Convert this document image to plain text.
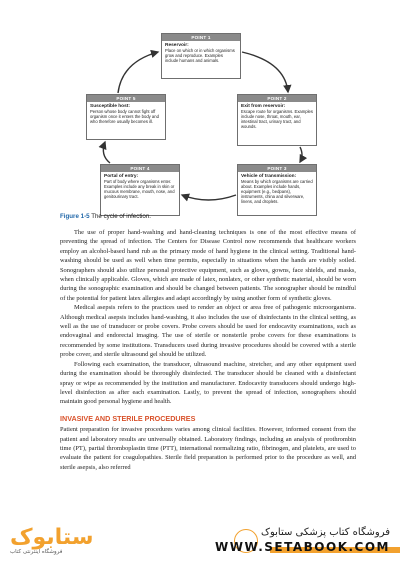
POINT 1
Reservoir:
Place on which or in which organisms grow and reproduce. Examples include humans and animals.
POINT 2
Exit from reservoir:
Escape route for organisms. Examples include nose, throat, mouth, ear, intestinal tract, urinary tract, and wounds.
POINT 3
Vehicle of transmission:
Means by which organisms are carried about. Examples include hands, equipment (e.g., bedpans), instruments, china and silverware, linens, and droplets.
POINT 4
Portal of entry:
Part of body where organisms enter. Examples include any break in skin or mucous membrane, mouth, nose, and genitourinary tract.
POINT 5
Susceptible host:
Person whose body cannot fight off organism once it enters the body and who therefore usually becomes ill.
Figure 1-5 The cycle of infection.

The use of proper hand-washing and hand-cleaning techniques is one of the most effective means of preventing the spread of infection. The Centers for Disease Control now recommends that healthcare workers employ an alcohol-based hand rub as the primary mode of hand hygiene in the clinical setting. Traditional hand-washing should be used as well when time permits, especially in situations when the hands are visibly soiled. Sonographers should also utilize personal protective equipment, such as gloves, gowns, face shields, and masks, when clinically applicable. Gloves, which are made of latex, nonlatex, or other synthetic material, should be worn during the sonographic examination and should be changed between patients. The sonographer should be mindful of the potential for patient latex allergies and adapt accordingly by using another form of synthetic gloves.

Medical asepsis refers to the practices used to render an object or area free of pathogenic microorganisms. Although medical asepsis includes hand-washing, it also includes the use of disinfectants in the clinical setting, as well as the use of transducer or probe covers. Probe covers should be used for endocavity examinations, such as endovaginal and endorectal imaging. The use of sterile or nonsterile probe covers for these examinations is recommended by some institutions. Transducers used during invasive procedures should be covered with a sterile probe cover, and sterile ultrasound gel should be utilized.

Following each examination, the transducer, ultrasound machine, stretcher, and any other equipment used during the examination should be thoroughly disinfected. The transducer should be cleaned with a disinfectant spray or wipe as recommended by the institution and manufacturer. Endocavity transducers should undergo high-level disinfection as after each examination. Lastly, to prevent the spread of infection, sonographers should maintain good personal hygiene and health.

INVASIVE AND STERILE PROCEDURES

Patient preparation for invasive procedures varies among clinical facilities. However, informed consent from the patient and laboratory results are universally obtained. Laboratory findings, including an analysis of prothrombin time (PT), partial thromboplastin time (PTT), international normalizing ratio, fibrinogen, and platelets, are used to evaluate the patient for coagulopathies. Sterile field preparation is performed prior to the procedure as well, and sterile asepsis, also referred

ستابوک
فروشگاه اینترنتی کتاب
فروشگاه کتاب پزشکی ستابوک
WWW.SETABOOK.COM
